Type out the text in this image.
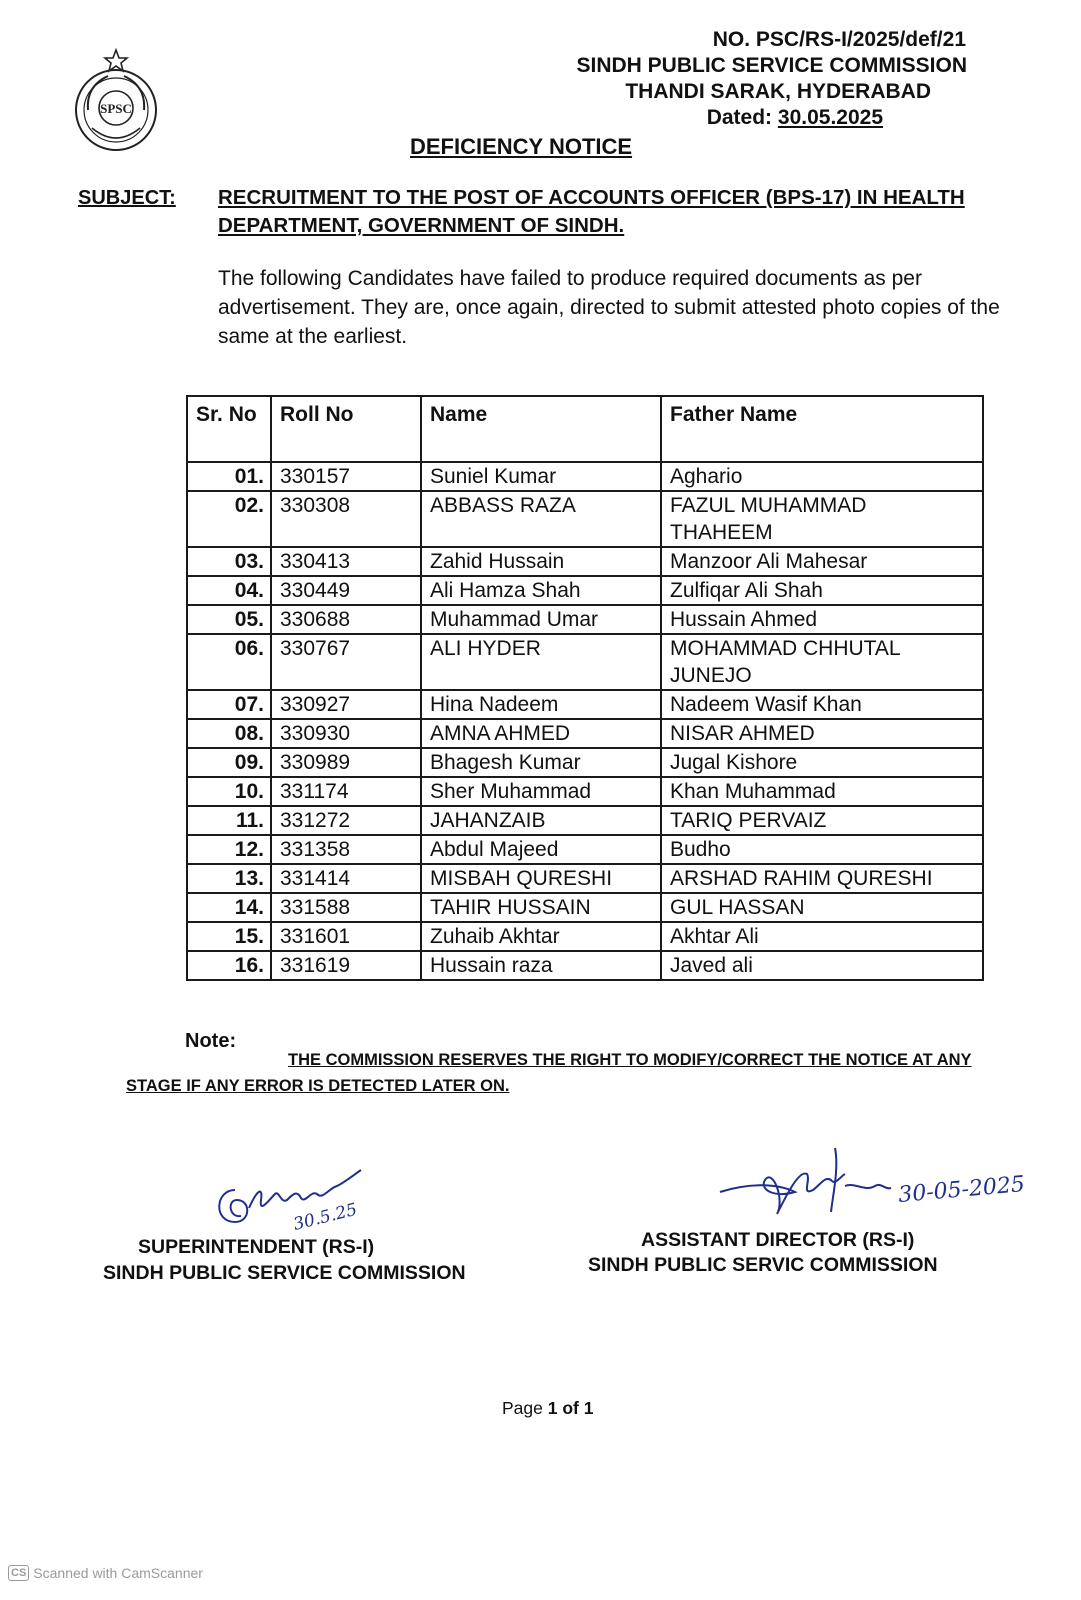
SPSC
NO. PSC/RS-I/2025/def/21
SINDH PUBLIC SERVICE COMMISSION
THANDI SARAK, HYDERABAD
Dated: 30.05.2025
DEFICIENCY NOTICE
SUBJECT: RECRUITMENT TO THE POST OF ACCOUNTS OFFICER (BPS-17) IN HEALTH DEPARTMENT, GOVERNMENT OF SINDH.
The following Candidates have failed to produce required documents as per advertisement. They are, once again, directed to submit attested photo copies of the same at the earliest.
Sr. No	Roll No	Name	Father Name
01.	330157	Suniel Kumar	Aghario
02.	330308	ABBASS RAZA	FAZUL MUHAMMAD THAHEEM
03.	330413	Zahid Hussain	Manzoor Ali Mahesar
04.	330449	Ali Hamza Shah	Zulfiqar Ali Shah
05.	330688	Muhammad Umar	Hussain Ahmed
06.	330767	ALI HYDER	MOHAMMAD CHHUTAL JUNEJO
07.	330927	Hina Nadeem	Nadeem Wasif Khan
08.	330930	AMNA AHMED	NISAR AHMED
09.	330989	Bhagesh Kumar	Jugal Kishore
10.	331174	Sher Muhammad	Khan Muhammad
11.	331272	JAHANZAIB	TARIQ PERVAIZ
12.	331358	Abdul Majeed	Budho
13.	331414	MISBAH QURESHI	ARSHAD RAHIM QURESHI
14.	331588	TAHIR HUSSAIN	GUL HASSAN
15.	331601	Zuhaib Akhtar	Akhtar Ali
16.	331619	Hussain raza	Javed ali
Note:
THE COMMISSION RESERVES THE RIGHT TO MODIFY/CORRECT THE NOTICE AT ANY STAGE IF ANY ERROR IS DETECTED LATER ON.
30.5.25
30-05-2025
SUPERINTENDENT (RS-I)
SINDH PUBLIC SERVICE COMMISSION
ASSISTANT DIRECTOR (RS-I)
SINDH PUBLIC SERVIC COMMISSION
Page 1 of 1
CS Scanned with CamScanner
